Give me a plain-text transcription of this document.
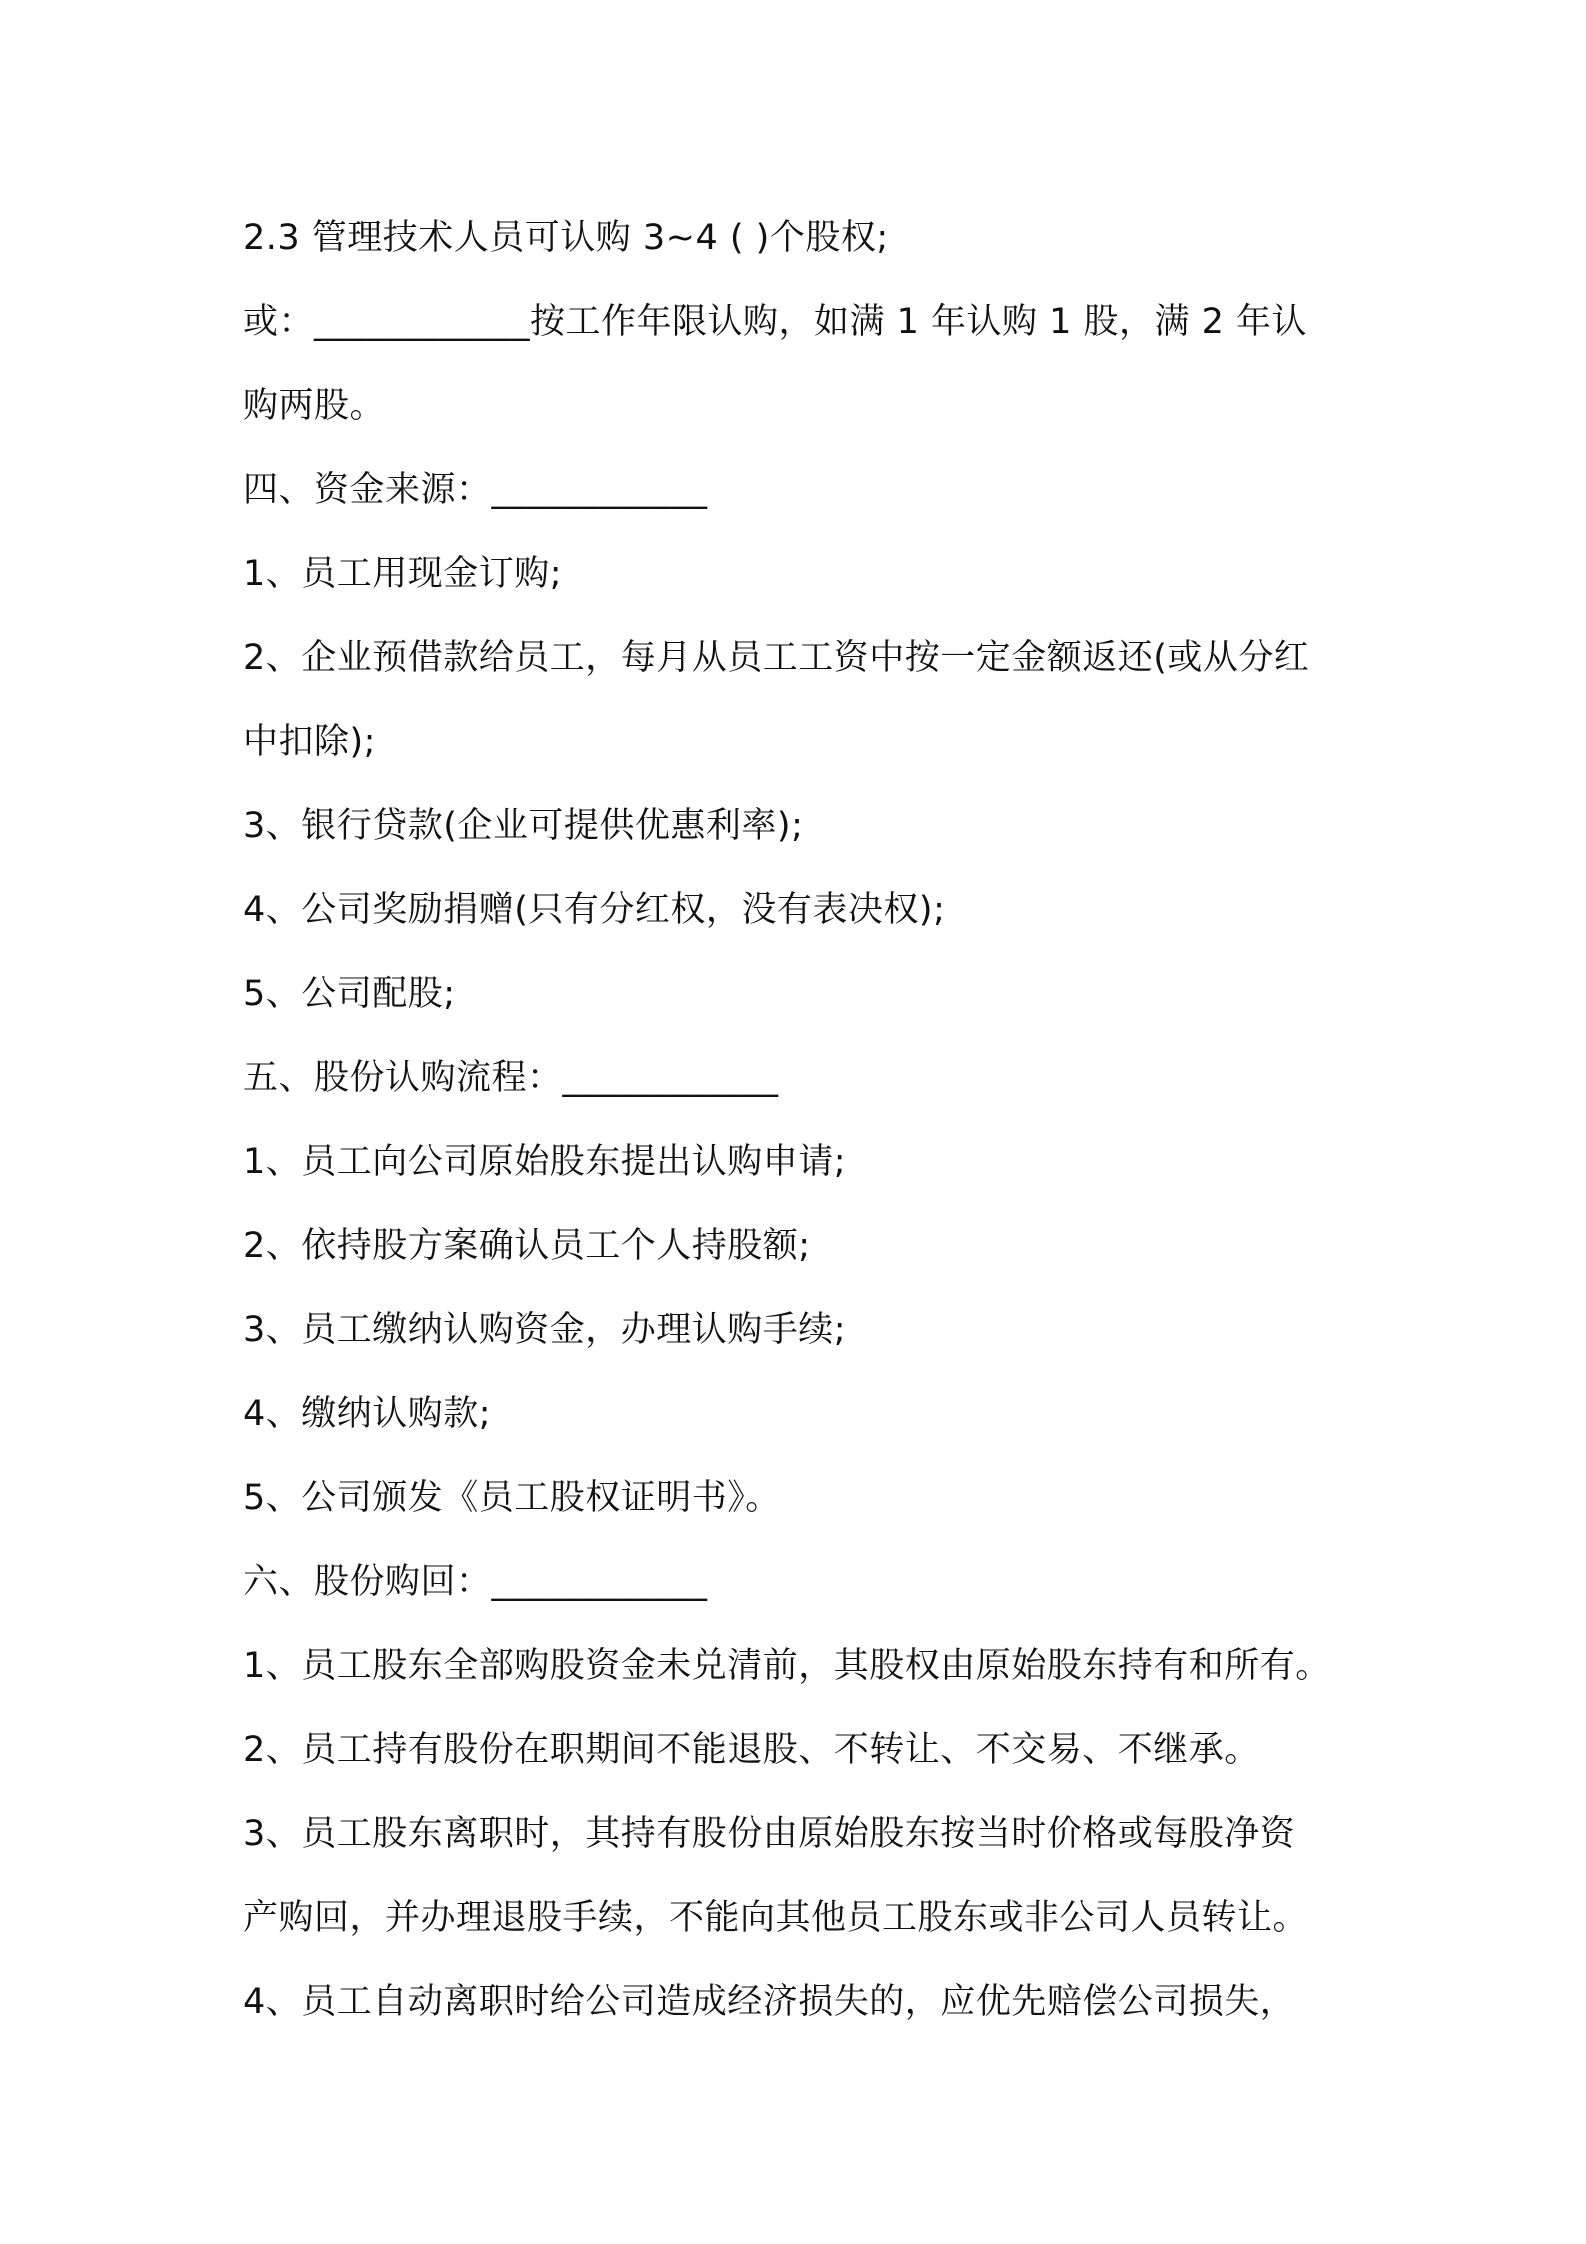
2.3 管理技术人员可认购 3~4 ( )个股权;
或：____________按工作年限认购，如满 1 年认购 1 股，满 2 年认
购两股。
四、资金来源：____________
1、员工用现金订购;
2、企业预借款给员工，每月从员工工资中按一定金额返还(或从分红
中扣除);
3、银行贷款(企业可提供优惠利率);
4、公司奖励捐赠(只有分红权，没有表决权);
5、公司配股;
五、股份认购流程：____________
1、员工向公司原始股东提出认购申请;
2、依持股方案确认员工个人持股额;
3、员工缴纳认购资金，办理认购手续;
4、缴纳认购款;
5、公司颁发《员工股权证明书》。
六、股份购回：____________
1、员工股东全部购股资金未兑清前，其股权由原始股东持有和所有。
2、员工持有股份在职期间不能退股、不转让、不交易、不继承。
3、员工股东离职时，其持有股份由原始股东按当时价格或每股净资
产购回，并办理退股手续，不能向其他员工股东或非公司人员转让。
4、员工自动离职时给公司造成经济损失的，应优先赔偿公司损失，
